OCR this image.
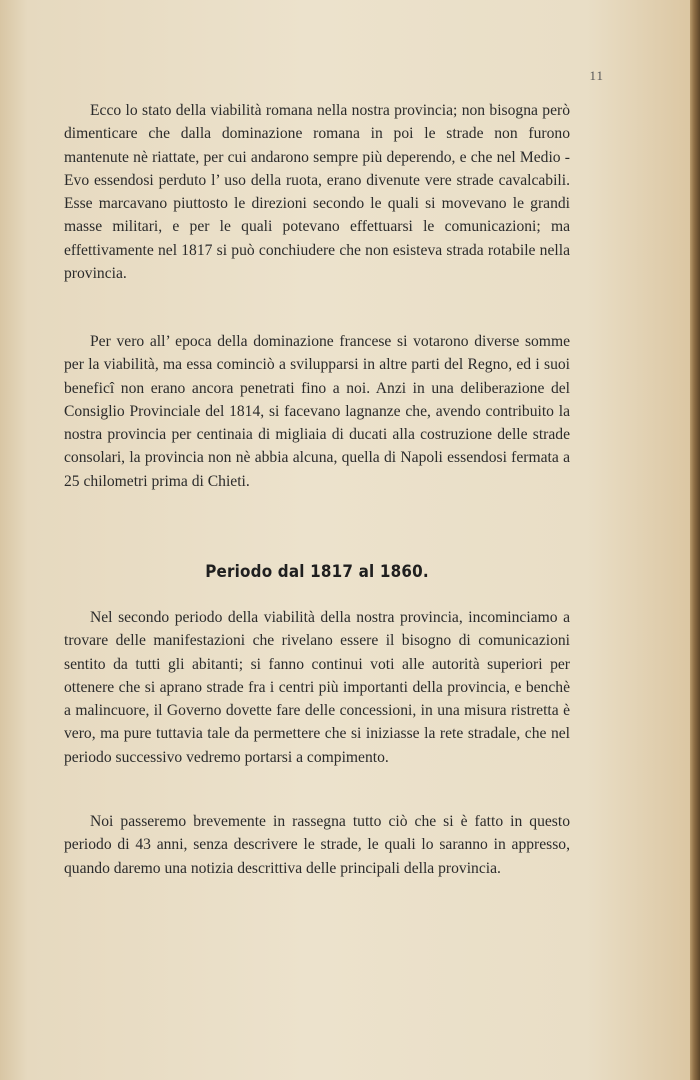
11

Ecco lo stato della viabilità romana nella nostra provincia; non bisogna però dimenticare che dalla dominazione romana in poi le strade non furono mantenute nè riattate, per cui andarono sempre più deperendo, e che nel Medio - Evo essendosi perduto l’ uso della ruota, erano divenute vere strade cavalcabili. Esse marcavano piuttosto le direzioni secondo le quali si movevano le grandi masse militari, e per le quali potevano effettuarsi le comunicazioni; ma effettivamente nel 1817 si può conchiudere che non esisteva strada rotabile nella provincia.

Per vero all’ epoca della dominazione francese si votarono diverse somme per la viabilità, ma essa cominciò a svilupparsi in altre parti del Regno, ed i suoi beneficî non erano ancora penetrati fino a noi. Anzi in una deliberazione del Consiglio Provinciale del 1814, si facevano lagnanze che, avendo contribuito la nostra provincia per centinaia di migliaia di ducati alla costruzione delle strade consolari, la provincia non nè abbia alcuna, quella di Napoli essendosi fermata a 25 chilometri prima di Chieti.

Periodo dal 1817 al 1860.

Nel secondo periodo della viabilità della nostra provincia, incominciamo a trovare delle manifestazioni che rivelano essere il bisogno di comunicazioni sentito da tutti gli abitanti; si fanno continui voti alle autorità superiori per ottenere che si aprano strade fra i centri più importanti della provincia, e benchè a malincuore, il Governo dovette fare delle concessioni, in una misura ristretta è vero, ma pure tuttavia tale da permettere che si iniziasse la rete stradale, che nel periodo successivo vedremo portarsi a compimento.

Noi passeremo brevemente in rassegna tutto ciò che si è fatto in questo periodo di 43 anni, senza descrivere le strade, le quali lo saranno in appresso, quando daremo una notizia descrittiva delle principali della provincia.
